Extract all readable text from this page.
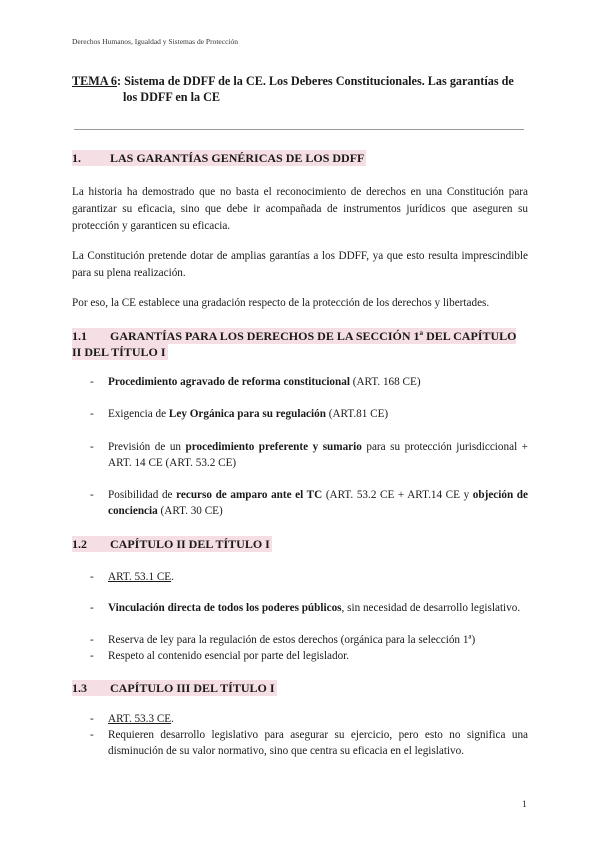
Derechos Humanos, Igualdad y Sistemas de Protección
TEMA 6: Sistema de DDFF de la CE. Los Deberes Constitucionales. Las garantías de
los DDFF en la CE
1. LAS GARANTÍAS GENÉRICAS DE LOS DDFF
La historia ha demostrado que no basta el reconocimiento de derechos en una Constitución para garantizar su eficacia, sino que debe ir acompañada de instrumentos jurídicos que aseguren su protección y garanticen su eficacia.
La Constitución pretende dotar de amplias garantías a los DDFF, ya que esto resulta imprescindible para su plena realización.
Por eso, la CE establece una gradación respecto de la protección de los derechos y libertades.
1.1 GARANTÍAS PARA LOS DERECHOS DE LA SECCIÓN 1ª DEL CAPÍTULO II DEL TÍTULO I
- Procedimiento agravado de reforma constitucional (ART. 168 CE)
- Exigencia de Ley Orgánica para su regulación (ART.81 CE)
- Previsión de un procedimiento preferente y sumario para su protección jurisdiccional + ART. 14 CE (ART. 53.2 CE)
- Posibilidad de recurso de amparo ante el TC (ART. 53.2 CE + ART.14 CE y objeción de conciencia (ART. 30 CE)
1.2 CAPÍTULO II DEL TÍTULO I
- ART. 53.1 CE.
- Vinculación directa de todos los poderes públicos, sin necesidad de desarrollo legislativo.
- Reserva de ley para la regulación de estos derechos (orgánica para la selección 1ª)
- Respeto al contenido esencial por parte del legislador.
1.3 CAPÍTULO III DEL TÍTULO I
- ART. 53.3 CE.
- Requieren desarrollo legislativo para asegurar su ejercicio, pero esto no significa una disminución de su valor normativo, sino que centra su eficacia en el legislativo.
1
